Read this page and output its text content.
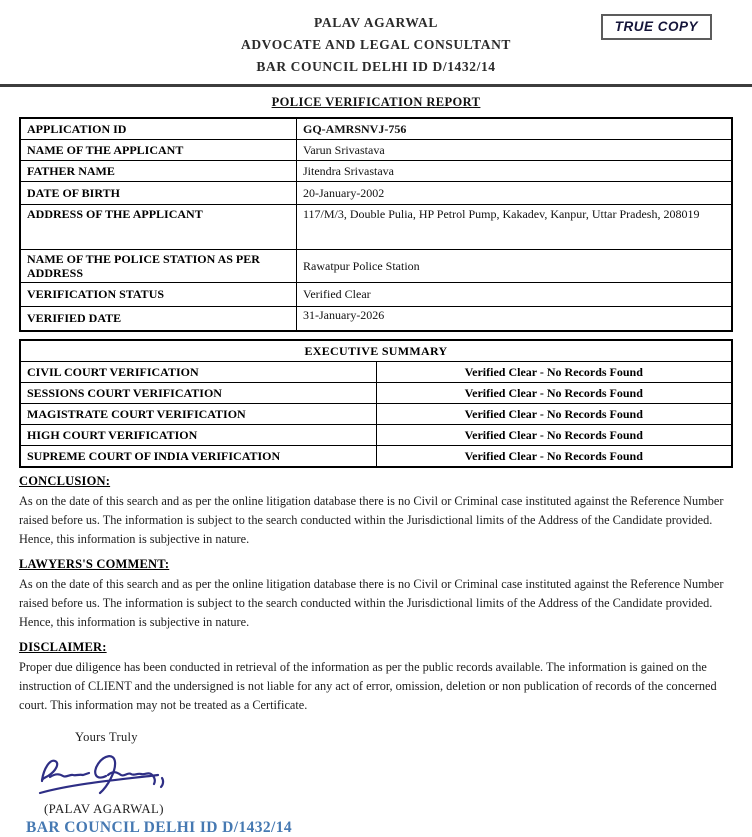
TRUE COPY
PALAV AGARWAL
ADVOCATE AND LEGAL CONSULTANT
BAR COUNCIL DELHI ID D/1432/14
POLICE VERIFICATION REPORT
APPLICATION ID	GQ-AMRSNVJ-756
NAME OF THE APPLICANT	Varun Srivastava
FATHER NAME	Jitendra Srivastava
DATE OF BIRTH	20-January-2002
ADDRESS OF THE APPLICANT	117/M/3, Double Pulia, HP Petrol Pump, Kakadev, Kanpur, Uttar Pradesh, 208019
NAME OF THE POLICE STATION AS PER ADDRESS	Rawatpur Police Station
VERIFICATION STATUS	Verified Clear
VERIFIED DATE	31-January-2026
EXECUTIVE SUMMARY	
CIVIL COURT VERIFICATION	Verified Clear - No Records Found
SESSIONS COURT VERIFICATION	Verified Clear - No Records Found
MAGISTRATE COURT VERIFICATION	Verified Clear - No Records Found
HIGH COURT VERIFICATION	Verified Clear - No Records Found
SUPREME COURT OF INDIA VERIFICATION	Verified Clear - No Records Found
CONCLUSION:

As on the date of this search and as per the online litigation database there is no Civil or Criminal case instituted against the Reference Number raised before us. The information is subject to the search conducted within the Jurisdictional limits of the Address of the Candidate provided. Hence, this information is subjective in nature.

LAWYERS'S COMMENT:

As on the date of this search and as per the online litigation database there is no Civil or Criminal case instituted against the Reference Number raised before us. The information is subject to the search conducted within the Jurisdictional limits of the Address of the Candidate provided. Hence, this information is subjective in nature.

DISCLAIMER:

Proper due diligence has been conducted in retrieval of the information as per the public records available. The information is gained on the instruction of CLIENT and the undersigned is not liable for any act of error, omission, deletion or non publication of records of the concerned court. This information may not be treated as a Certificate.

Yours Truly
(PALAV AGARWAL)
BAR COUNCIL DELHI ID D/1432/14
